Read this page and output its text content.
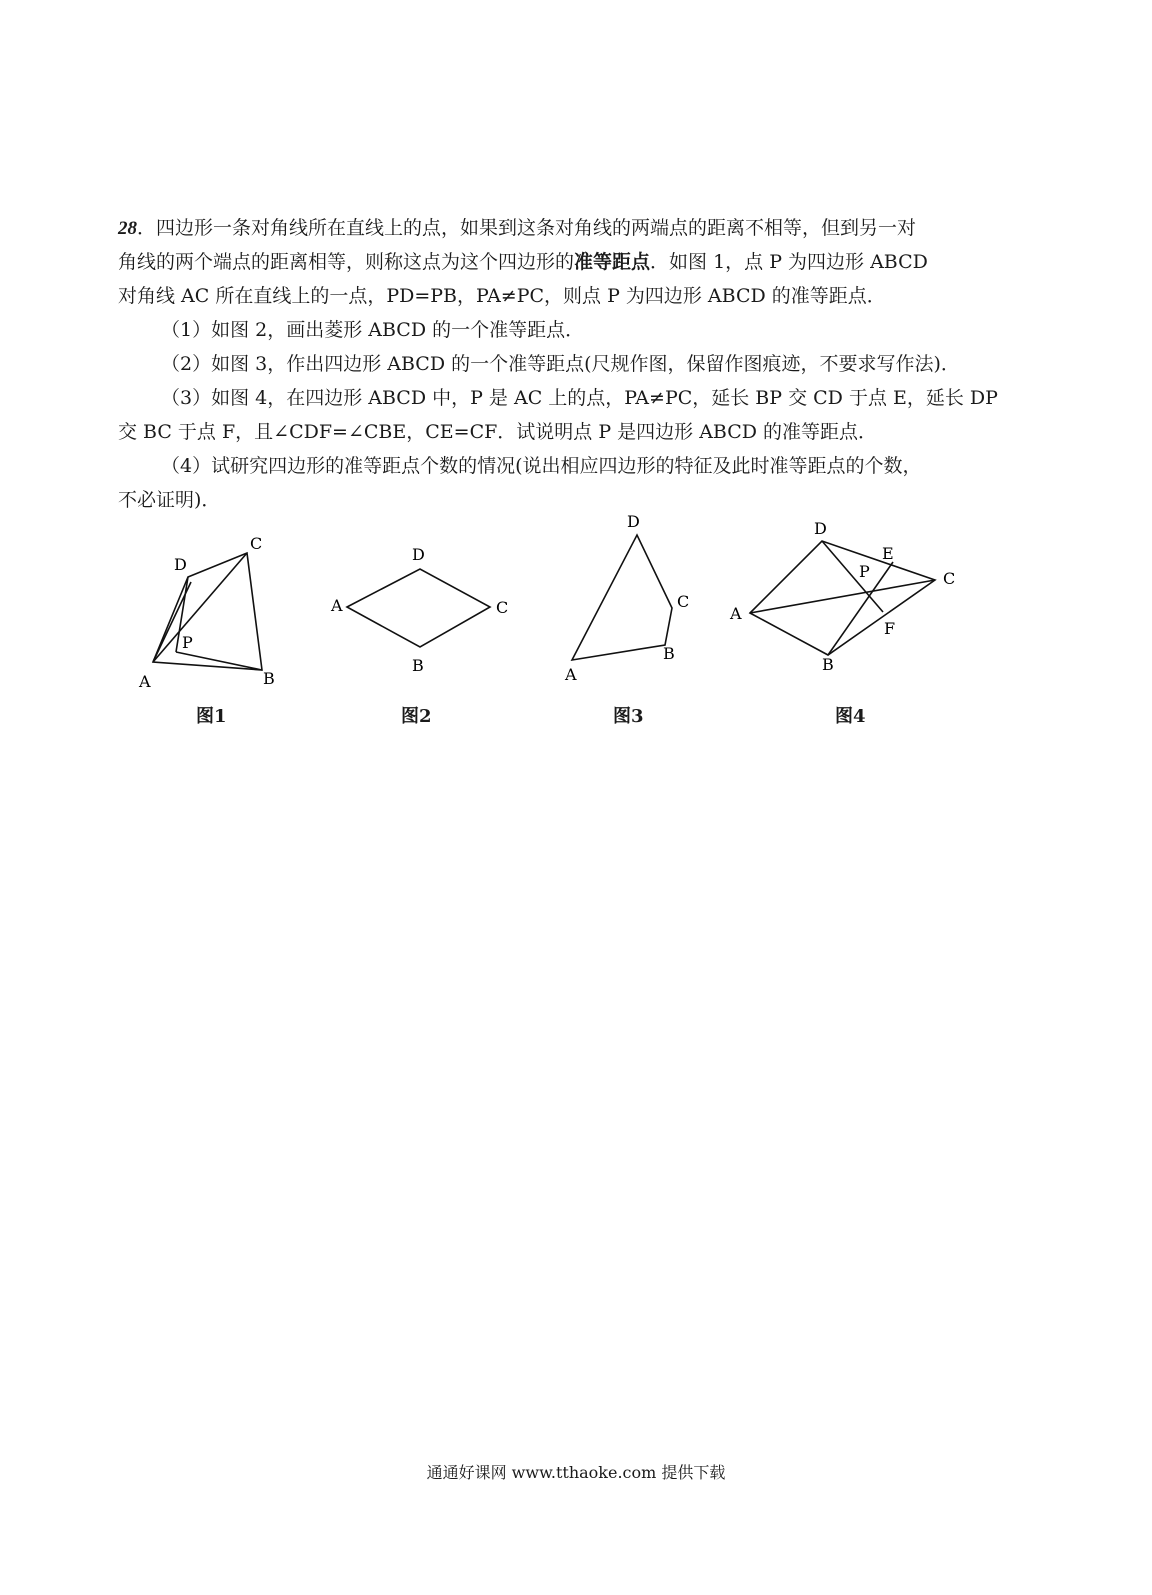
28．四边形一条对角线所在直线上的点，如果到这条对角线的两端点的距离不相等，但到另一对
角线的两个端点的距离相等，则称这点为这个四边形的准等距点．如图 1，点 P 为四边形 ABCD
对角线 AC 所在直线上的一点，PD=PB，PA≠PC，则点 P 为四边形 ABCD 的准等距点．
（1）如图 2，画出菱形 ABCD 的一个准等距点．
（2）如图 3，作出四边形 ABCD 的一个准等距点(尺规作图，保留作图痕迹，不要求写作法)．
（3）如图 4，在四边形 ABCD 中，P 是 AC 上的点，PA≠PC，延长 BP 交 CD 于点 E，延长 DP
交 BC 于点 F，且∠CDF=∠CBE，CE=CF．试说明点 P 是四边形 ABCD 的准等距点．
（4）试研究四边形的准等距点个数的情况(说出相应四边形的特征及此时准等距点的个数，
不必证明)．
A	B
C
D
P
A
B
C
D
A
B
C
D
A
B
C
D
E
F
P
图1	图2	图3	图4
通通好课网 www.tthaoke.com 提供下载
